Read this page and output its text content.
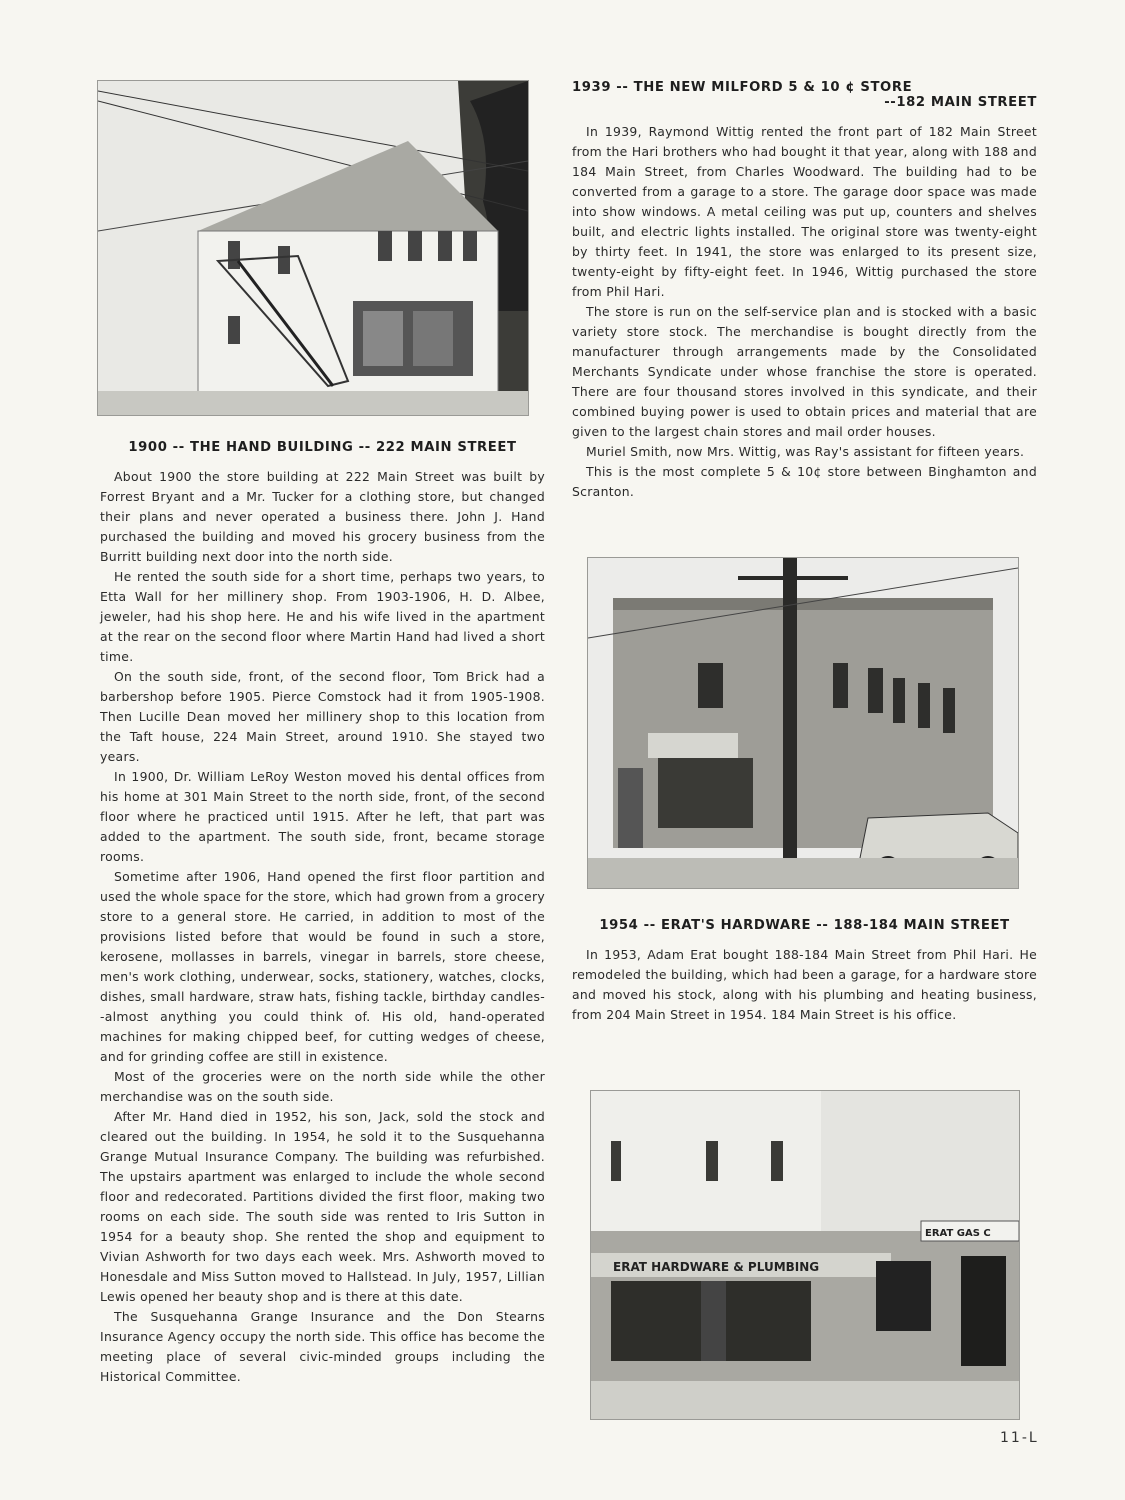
ERAT GAS C
ERAT HARDWARE & PLUMBING
1900 -- THE HAND BUILDING -- 222 MAIN STREET

About 1900 the store building at 222 Main Street was built by Forrest Bryant and a Mr. Tucker for a clothing store, but changed their plans and never operated a business there. John J. Hand purchased the building and moved his grocery business from the Burritt building next door into the north side.

He rented the south side for a short time, perhaps two years, to Etta Wall for her millinery shop. From 1903-1906, H. D. Albee, jeweler, had his shop here. He and his wife lived in the apartment at the rear on the second floor where Martin Hand had lived a short time.

On the south side, front, of the second floor, Tom Brick had a barbershop before 1905. Pierce Comstock had it from 1905-1908. Then Lucille Dean moved her millinery shop to this location from the Taft house, 224 Main Street, around 1910. She stayed two years.

In 1900, Dr. William LeRoy Weston moved his dental offices from his home at 301 Main Street to the north side, front, of the second floor where he practiced until 1915. After he left, that part was added to the apartment. The south side, front, became storage rooms.

Sometime after 1906, Hand opened the first floor partition and used the whole space for the store, which had grown from a grocery store to a general store. He carried, in addition to most of the provisions listed before that would be found in such a store, kerosene, mollasses in barrels, vinegar in barrels, store cheese, men's work clothing, underwear, socks, stationery, watches, clocks, dishes, small hardware, straw hats, fishing tackle, birthday candles--almost anything you could think of. His old, hand-operated machines for making chipped beef, for cutting wedges of cheese, and for grinding coffee are still in existence.

Most of the groceries were on the north side while the other merchandise was on the south side.

After Mr. Hand died in 1952, his son, Jack, sold the stock and cleared out the building. In 1954, he sold it to the Susquehanna Grange Mutual Insurance Company. The building was refurbished. The upstairs apartment was enlarged to include the whole second floor and redecorated. Partitions divided the first floor, making two rooms on each side. The south side was rented to Iris Sutton in 1954 for a beauty shop. She rented the shop and equipment to Vivian Ashworth for two days each week. Mrs. Ashworth moved to Honesdale and Miss Sutton moved to Hallstead. In July, 1957, Lillian Lewis opened her beauty shop and is there at this date.

The Susquehanna Grange Insurance and the Don Stearns Insurance Agency occupy the north side. This office has become the meeting place of several civic-minded groups including the Historical Committee.

1939 -- THE NEW MILFORD 5 & 10 ¢ STORE
--182 MAIN STREET

In 1939, Raymond Wittig rented the front part of 182 Main Street from the Hari brothers who had bought it that year, along with 188 and 184 Main Street, from Charles Woodward. The building had to be converted from a garage to a store. The garage door space was made into show windows. A metal ceiling was put up, counters and shelves built, and electric lights installed. The original store was twenty-eight by thirty feet. In 1941, the store was enlarged to its present size, twenty-eight by fifty-eight feet. In 1946, Wittig purchased the store from Phil Hari.

The store is run on the self-service plan and is stocked with a basic variety store stock. The merchandise is bought directly from the manufacturer through arrangements made by the Consolidated Merchants Syndicate under whose franchise the store is operated. There are four thousand stores involved in this syndicate, and their combined buying power is used to obtain prices and material that are given to the largest chain stores and mail order houses.

Muriel Smith, now Mrs. Wittig, was Ray's assistant for fifteen years.

This is the most complete 5 & 10¢ store between Binghamton and Scranton.

1954 -- ERAT'S HARDWARE -- 188-184 MAIN STREET

In 1953, Adam Erat bought 188-184 Main Street from Phil Hari. He remodeled the building, which had been a garage, for a hardware store and moved his stock, along with his plumbing and heating business, from 204 Main Street in 1954. 184 Main Street is his office.

11-L
